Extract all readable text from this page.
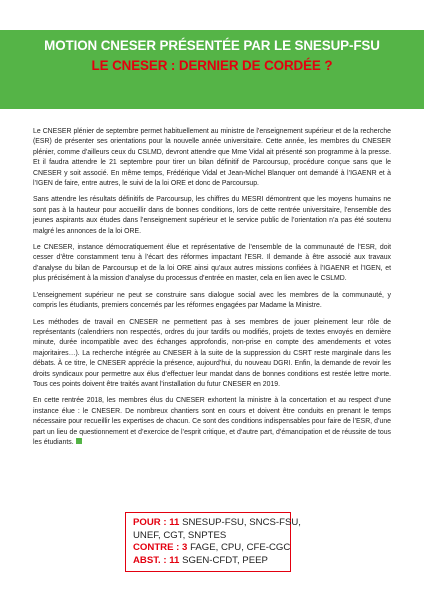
MOTION CNESER PRÉSENTÉE PAR LE SNESUP-FSU
LE CNESER : DERNIER DE CORDÉE ?

Le CNESER plénier de septembre permet habituellement au ministre de l’enseignement supérieur et de la recherche (ESR) de présenter ses orientations pour la nouvelle année universitaire. Cette année, les membres du CNESER plénier, comme d’ailleurs ceux du CSLMD, devront attendre que Mme Vidal ait présenté son programme à la presse. Et il faudra attendre le 21 septembre pour tirer un bilan définitif de Parcoursup, procédure conçue sans que le CNESER y soit associé. En même temps, Frédérique Vidal et Jean-Michel Blanquer ont demandé à l’IGAENR et à l’IGEN de faire, entre autres, le suivi de la loi ORE et donc de Parcoursup.

Sans attendre les résultats définitifs de Parcoursup, les chiffres du MESRI démontrent que les moyens humains ne sont pas à la hauteur pour accueillir dans de bonnes conditions, lors de cette rentrée universitaire, l’ensemble des jeunes aspirants aux études dans l’enseignement supérieur et le service public de l’orientation n’a pas été soutenu malgré les annonces de la loi ORE.

Le CNESER, instance démocratiquement élue et représentative de l’ensemble de la communauté de l’ESR, doit cesser d’être constamment tenu à l’écart des réformes impactant l’ESR. Il demande à être associé aux travaux d’analyse du bilan de Parcoursup et de la loi ORE ainsi qu’aux autres missions confiées à l’IGAENR et l’IGEN, et plus précisément à la mission d’analyse du processus d’entrée en master, cela en lien avec le CSLMD.

L’enseignement supérieur ne peut se construire sans dialogue social avec les membres de la communauté, y compris les étudiants, premiers concernés par les réformes engagées par Madame la Ministre.

Les méthodes de travail en CNESER ne permettent pas à ses membres de jouer pleinement leur rôle de représentants (calendriers non respectés, ordres du jour tardifs ou modifiés, projets de textes envoyés en dernière minute, durée incompatible avec des échanges approfondis, non-prise en compte des amendements et votes majoritaires…). La recherche intégrée au CNESER à la suite de la suppression du CSRT reste marginale dans les débats. À ce titre, le CNESER apprécie la présence, aujourd’hui, du nouveau DGRI. Enfin, la demande de revoir les droits syndicaux pour permettre aux élus d’effectuer leur mandat dans de bonnes conditions est restée lettre morte. Tous ces points doivent être traités avant l’installation du futur CNESER en 2019.

En cette rentrée 2018, les membres élus du CNESER exhortent la ministre à la concertation et au respect d’une instance élue : le CNESER. De nombreux chantiers sont en cours et doivent être conduits en prenant le temps nécessaire pour recueillir les expertises de chacun. Ce sont des conditions indispensables pour faire de l’ESR, d’une part un lieu de questionnement et d’exercice de l’esprit critique, et d’autre part, d’émancipation et de réussite de tous les étudiants.

POUR : 11 SNESUP-FSU, SNCS-FSU,
UNEF, CGT, SNPTES
CONTRE : 3 FAGE, CPU, CFE-CGC
ABST. : 11 SGEN-CFDT, PEEP
